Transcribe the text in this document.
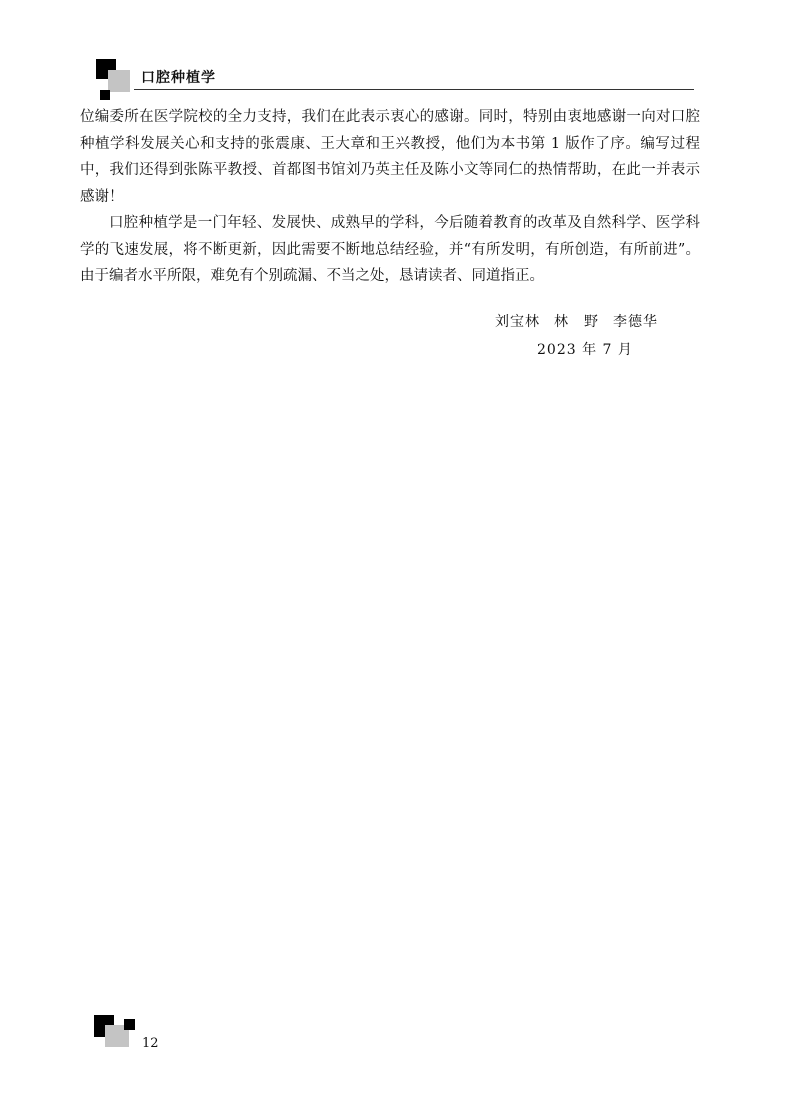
口腔种植学

位编委所在医学院校的全力支持，我们在此表示衷心的感谢。同时，特别由衷地感谢一向对口腔种植学科发展关心和支持的张震康、王大章和王兴教授，他们为本书第 1 版作了序。编写过程中，我们还得到张陈平教授、首都图书馆刘乃英主任及陈小文等同仁的热情帮助，在此一并表示感谢！

口腔种植学是一门年轻、发展快、成熟早的学科，今后随着教育的改革及自然科学、医学科学的飞速发展，将不断更新，因此需要不断地总结经验，并“有所发明，有所创造，有所前进”。由于编者水平所限，难免有个别疏漏、不当之处，恳请读者、同道指正。

刘宝林 林　野 李德华
2023 年 7 月
12
